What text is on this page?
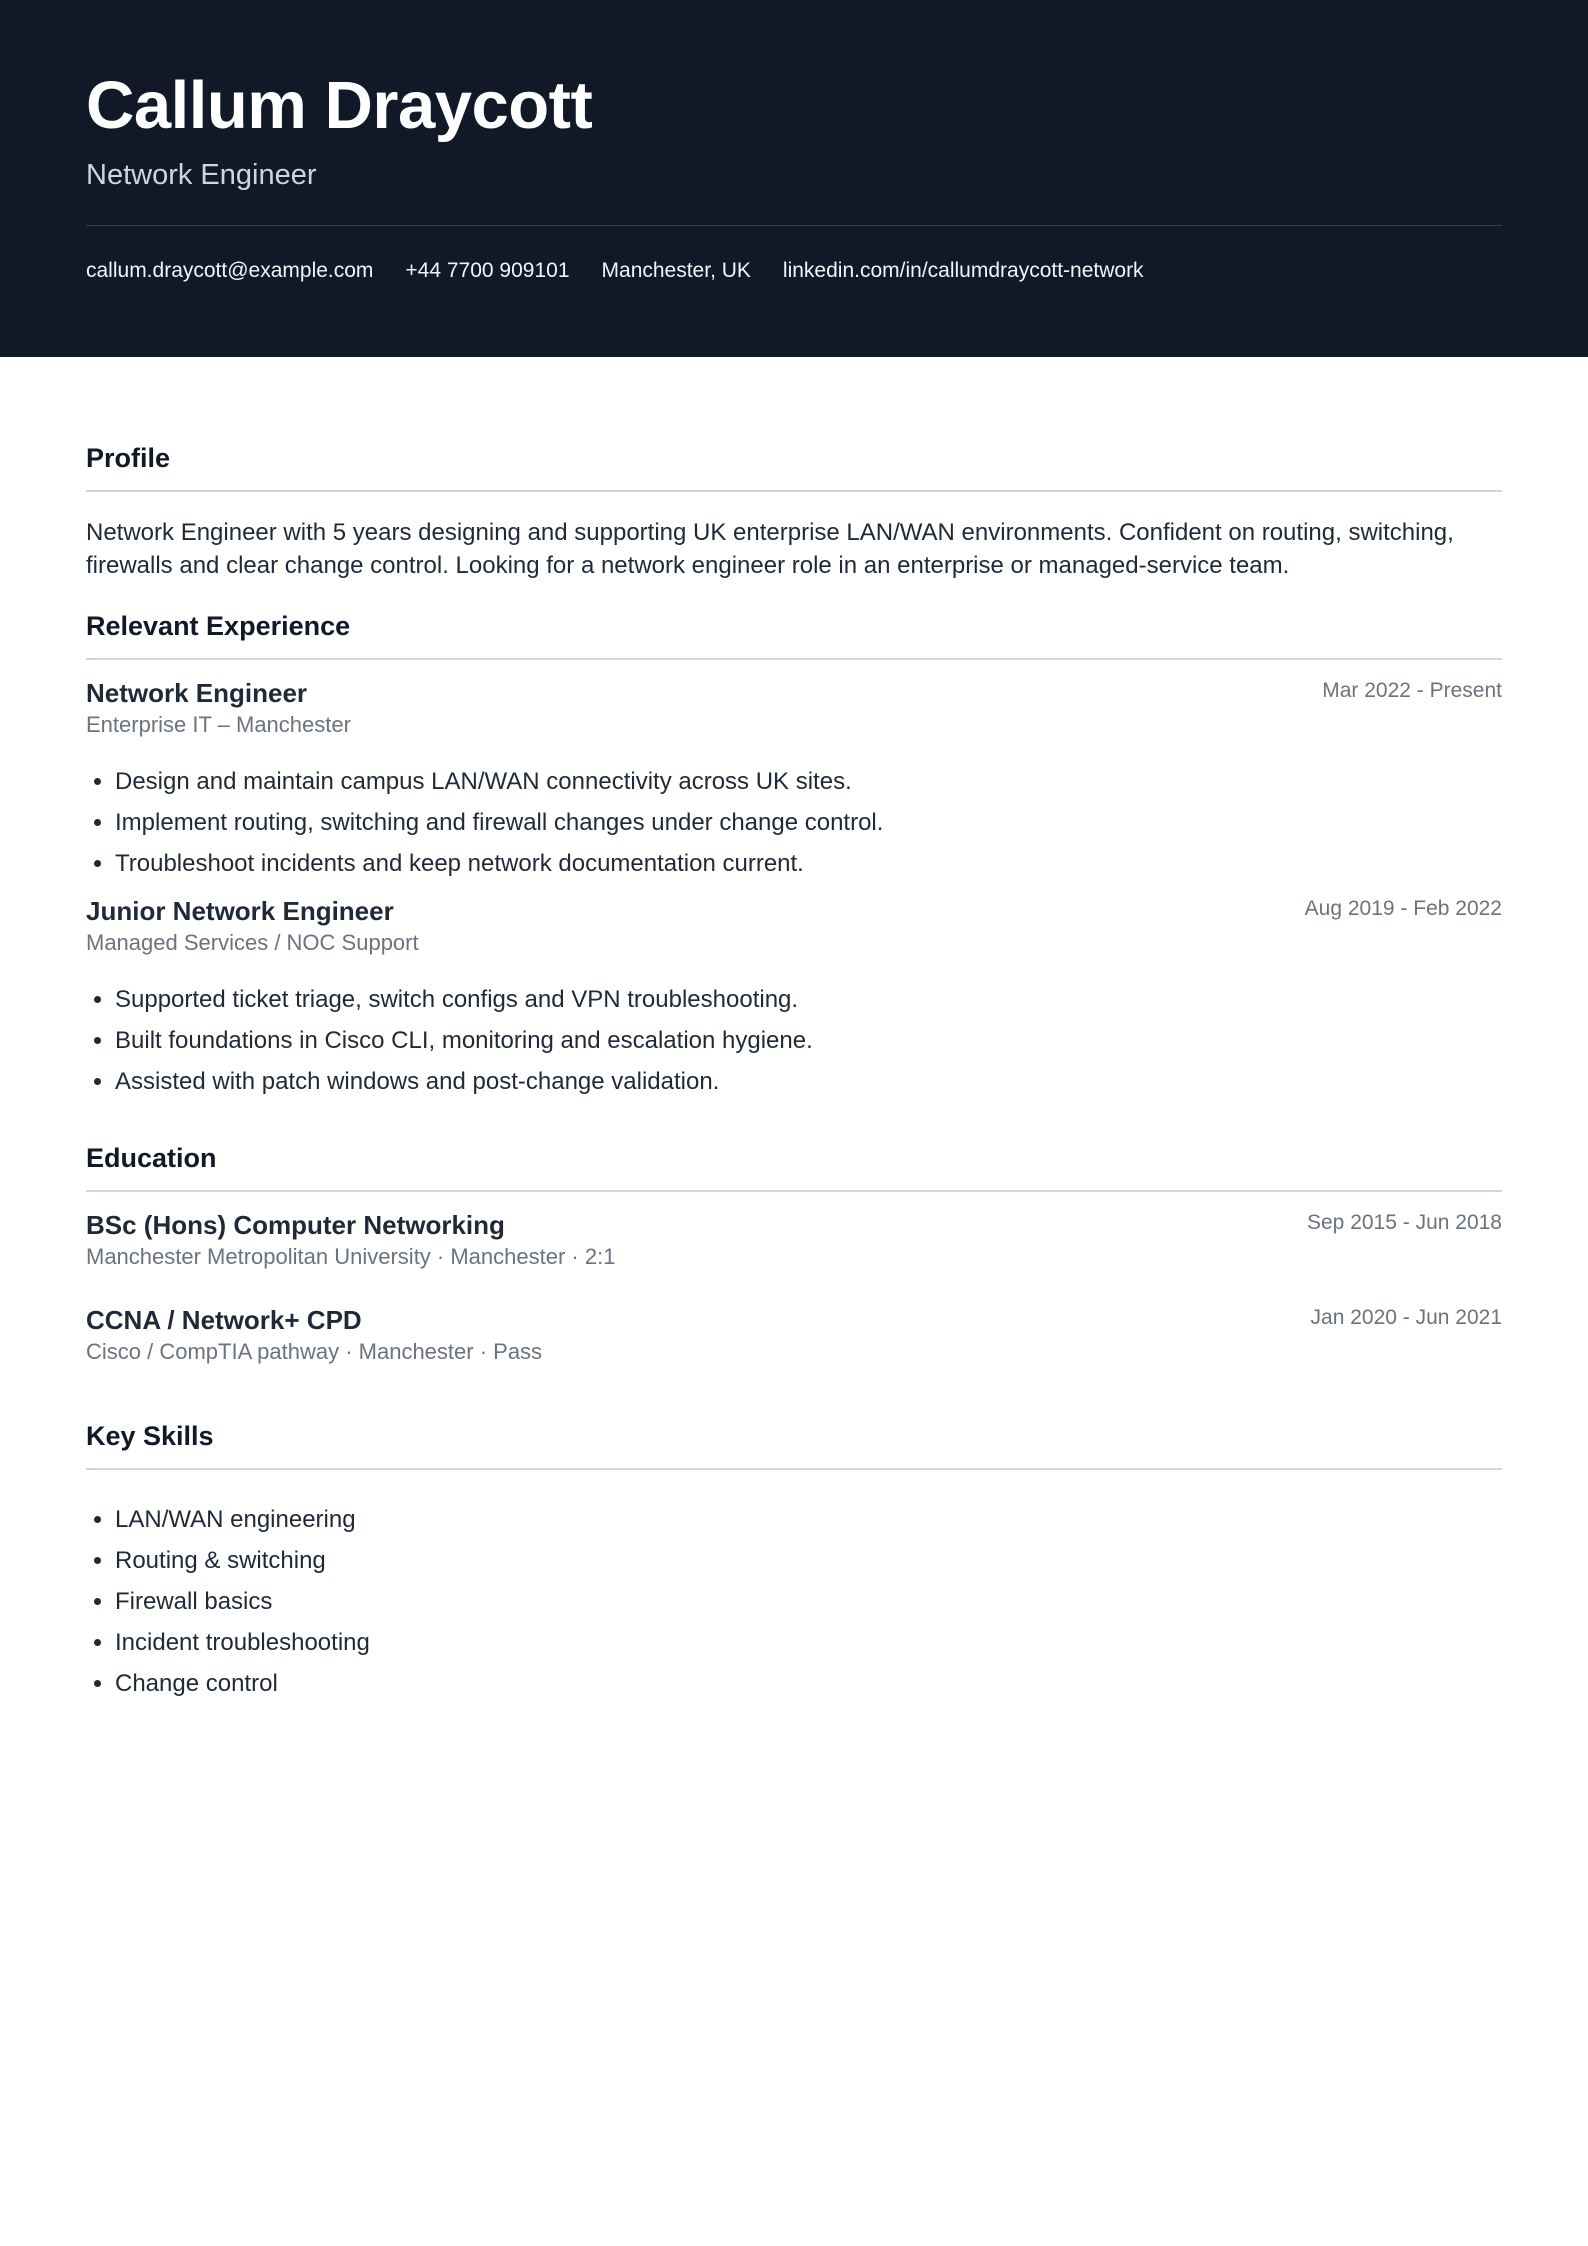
Callum Draycott
Network Engineer
callum.draycott@example.com +44 7700 909101 Manchester, UK linkedin.com/in/callumdraycott-network
Profile
Network Engineer with 5 years designing and supporting UK enterprise LAN/WAN environments. Confident on routing, switching, firewalls and clear change control. Looking for a network engineer role in an enterprise or managed-service team.
Relevant Experience
Network Engineer	Mar 2022 - Present
Enterprise IT – Manchester
• Design and maintain campus LAN/WAN connectivity across UK sites.
• Implement routing, switching and firewall changes under change control.
• Troubleshoot incidents and keep network documentation current.
Junior Network Engineer	Aug 2019 - Feb 2022
Managed Services / NOC Support
• Supported ticket triage, switch configs and VPN troubleshooting.
• Built foundations in Cisco CLI, monitoring and escalation hygiene.
• Assisted with patch windows and post-change validation.
Education
BSc (Hons) Computer Networking	Sep 2015 - Jun 2018
Manchester Metropolitan University · Manchester · 2:1
CCNA / Network+ CPD	Jan 2020 - Jun 2021
Cisco / CompTIA pathway · Manchester · Pass
Key Skills
• LAN/WAN engineering
• Routing & switching
• Firewall basics
• Incident troubleshooting
• Change control
